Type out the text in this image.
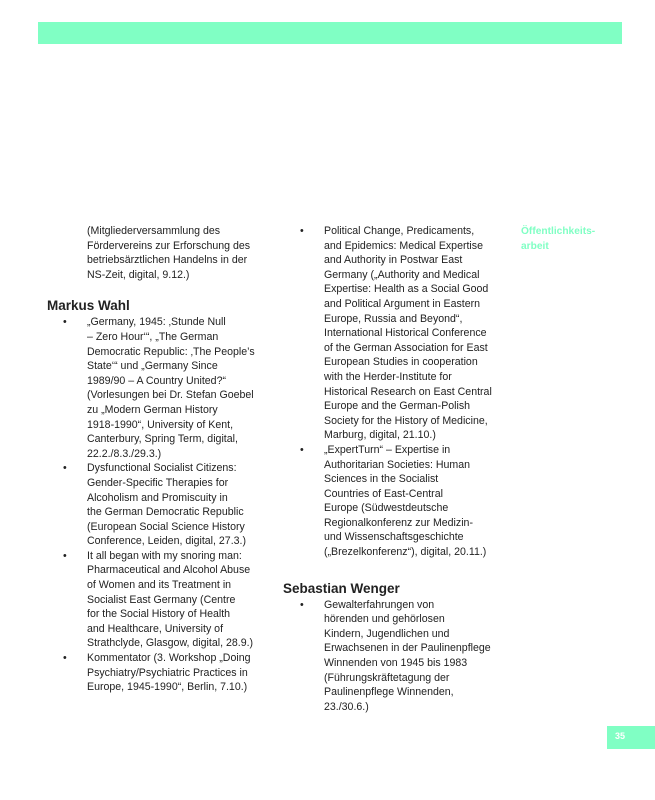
(Mitgliederversammlung des
Fördervereins zur Erforschung des
betriebsärztlichen Handelns in der
NS-Zeit, digital, 9.12.)
Markus Wahl
• „Germany, 1945: ‚Stunde Null
– Zero Hour‘“, „The German
Democratic Republic: ‚The People’s
State‘“ und „Germany Since
1989/90 – A Country United?“
(Vorlesungen bei Dr. Stefan Goebel
zu „Modern German History
1918-1990“, University of Kent,
Canterbury, Spring Term, digital,
22.2./8.3./29.3.)
• Dysfunctional Socialist Citizens:
Gender-Specific Therapies for
Alcoholism and Promiscuity in
the German Democratic Republic
(European Social Science History
Conference, Leiden, digital, 27.3.)
• It all began with my snoring man:
Pharmaceutical and Alcohol Abuse
of Women and its Treatment in
Socialist East Germany (Centre
for the Social History of Health
and Healthcare, University of
Strathclyde, Glasgow, digital, 28.9.)
• Kommentator (3. Workshop „Doing
Psychiatry/Psychiatric Practices in
Europe, 1945-1990“, Berlin, 7.10.)
• Political Change, Predicaments,
and Epidemics: Medical Expertise
and Authority in Postwar East
Germany („Authority and Medical
Expertise: Health as a Social Good
and Political Argument in Eastern
Europe, Russia and Beyond“,
International Historical Conference
of the German Association for East
European Studies in cooperation
with the Herder-Institute for
Historical Research on East Central
Europe and the German-Polish
Society for the History of Medicine,
Marburg, digital, 21.10.)
• „ExpertTurn“ – Expertise in
Authoritarian Societies: Human
Sciences in the Socialist
Countries of East-Central
Europe (Südwestdeutsche
Regionalkonferenz zur Medizin-
und Wissenschaftsgeschichte
(„Brezelkonferenz“), digital, 20.11.)
Sebastian Wenger
• Gewalterfahrungen von
hörenden und gehörlosen
Kindern, Jugendlichen und
Erwachsenen in der Paulinenpflege
Winnenden von 1945 bis 1983
(Führungskräftetagung der
Paulinenpflege Winnenden,
23./30.6.)
Öffentlichkeits-
arbeit
35
